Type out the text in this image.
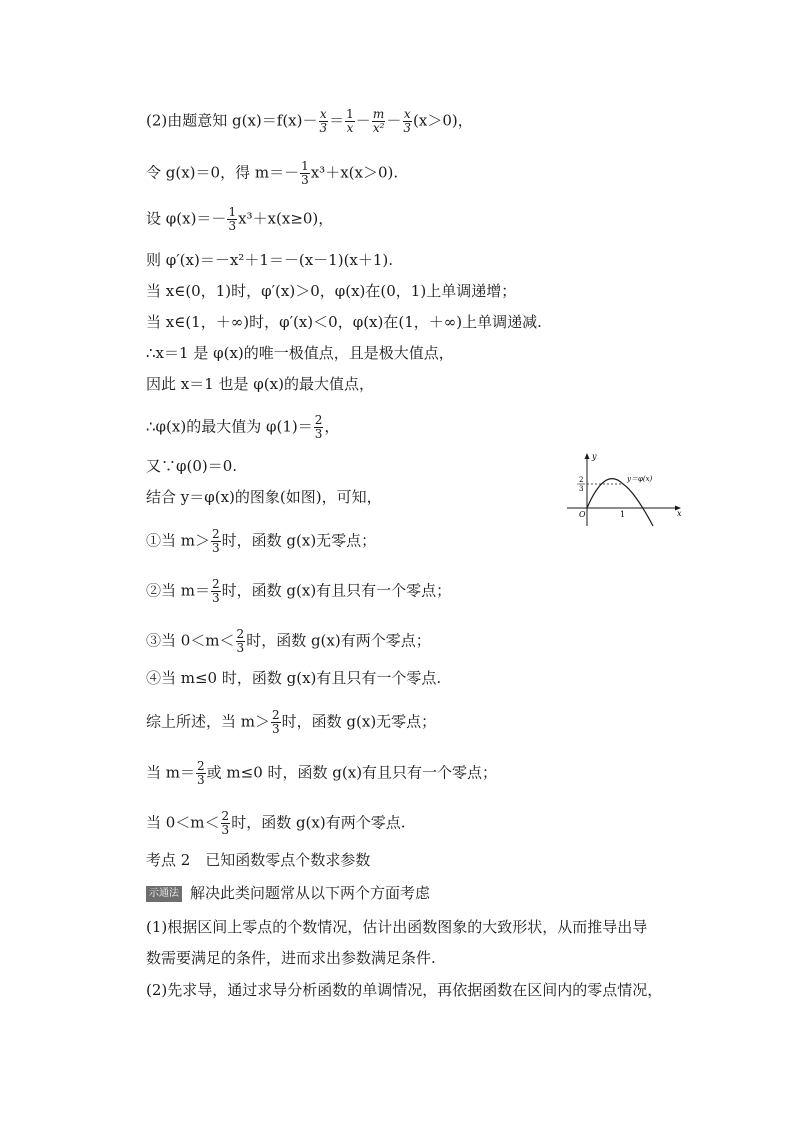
(2)由题意知 $g(x)=f(x)- \frac{x}{3} = \frac{1}{x} - \frac{m}{\text{x²}} - \frac{x}{3} (x>0)$，
令 g(x)＝0，得 $m=- \frac{1}{3} x^3+x(x>0)$.
设 $\varphi(x)=- \frac{1}{3} x^3+x(x\ge 0)$，
则 φ′(x)＝－x²＋1＝－(x－1)(x＋1).
当 x∈(0，1)时，φ′(x)＞0，φ(x)在(0，1)上单调递增；
当 x∈(1，＋∞)时，φ′(x)＜0，φ(x)在(1，＋∞)上单调递减.
∴x＝1 是 φ(x)的唯一极值点，且是极大值点，
因此 x＝1 也是 φ(x)的最大值点，
∴φ(x)的最大值为 $\varphi(1)= \frac{2}{3}$ ，
又∵φ(0)＝0.
结合 y＝φ(x)的图象(如图)，可知，
①当 $m> \frac{2}{3}$ 时，函数 g(x)无零点；
②当 $m= \frac{2}{3}$ 时，函数 g(x)有且只有一个零点；
③当 $0<m< \frac{2}{3}$ 时，函数 g(x)有两个零点；
④当 m≤0 时，函数 g(x)有且只有一个零点.
综上所述，当 $m> \frac{2}{3}$ 时，函数 g(x)无零点；
当 $m= \frac{2}{3}$ 或 m≤0 时，函数 g(x)有且只有一个零点；
当 $0<m< \frac{2}{3}$ 时，函数 g(x)有两个零点.
考点 2　已知函数零点个数求参数
示通法 解决此类问题常从以下两个方面考虑
(1)根据区间上零点的个数情况，估计出函数图象的大致形状，从而推导出导
数需要满足的条件，进而求出参数满足条件.
(2)先求导，通过求导分析函数的单调情况，再依据函数在区间内的零点情况，
y
x
O	1
2
3
y＝φ(x)
